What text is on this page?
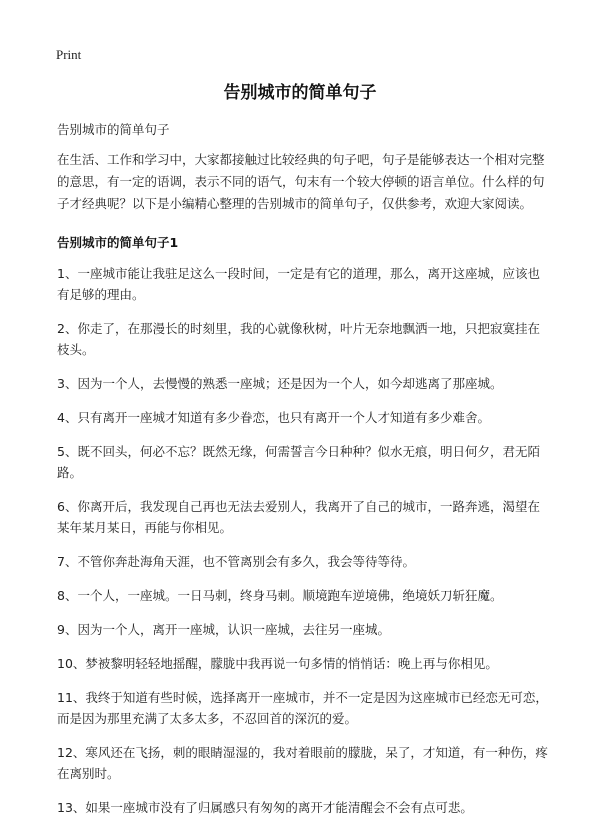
Print
告别城市的简单句子
告别城市的简单句子

在生活、工作和学习中，大家都接触过比较经典的句子吧，句子是能够表达一个相对完整的意思，有一定的语调，表示不同的语气，句末有一个较大停顿的语言单位。什么样的句子才经典呢？以下是小编精心整理的告别城市的简单句子，仅供参考，欢迎大家阅读。

告别城市的简单句子1
1、一座城市能让我驻足这么一段时间，一定是有它的道理，那么，离开这座城，应该也有足够的理由。
2、你走了，在那漫长的时刻里，我的心就像秋树，叶片无奈地飘洒一地，只把寂寞挂在枝头。
3、因为一个人，去慢慢的熟悉一座城；还是因为一个人，如今却逃离了那座城。
4、只有离开一座城才知道有多少眷恋，也只有离开一个人才知道有多少难舍。
5、既不回头，何必不忘？既然无缘，何需誓言今日种种？似水无痕，明日何夕，君无陌路。
6、你离开后，我发现自己再也无法去爱别人，我离开了自己的城市，一路奔逃，渴望在某年某月某日，再能与你相见。
7、不管你奔赴海角天涯，也不管离别会有多久，我会等待等待。
8、一个人，一座城。一日马刺，终身马刺。顺境跑车逆境佛，绝境妖刀斩狂魔。
9、因为一个人，离开一座城，认识一座城，去往另一座城。
10、梦被黎明轻轻地摇醒，朦胧中我再说一句多情的悄悄话：晚上再与你相见。
11、我终于知道有些时候，选择离开一座城市，并不一定是因为这座城市已经恋无可恋，而是因为那里充满了太多太多，不忍回首的深沉的爱。
12、寒风还在飞扬，刺的眼睛湿湿的，我对着眼前的朦胧，呆了，才知道，有一种伤，疼在离别时。
13、如果一座城市没有了归属感只有匆匆的离开才能清醒会不会有点可悲。
